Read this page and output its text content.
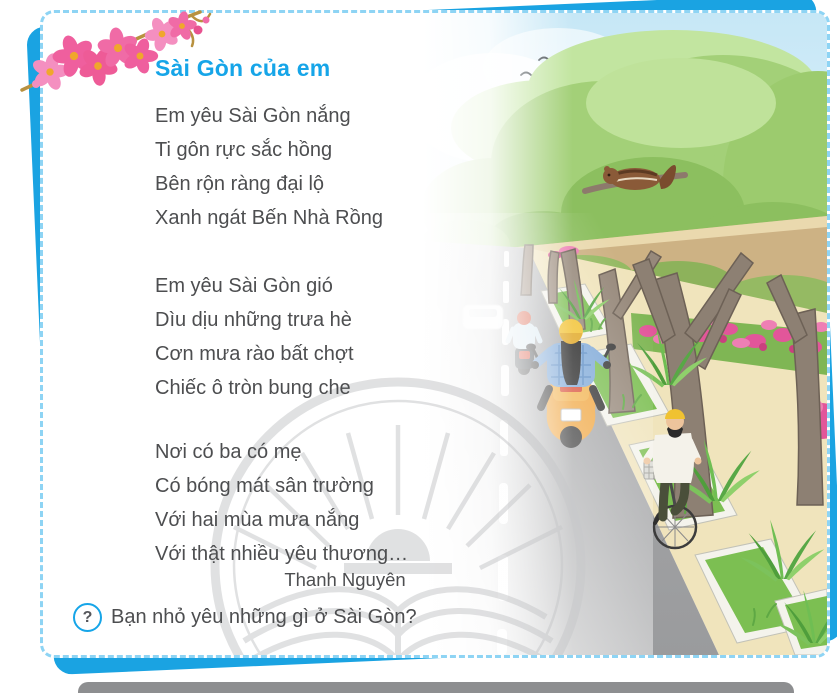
Sài Gòn của em

Em yêu Sài Gòn nắng

Ti gôn rực sắc hồng

Bên rộn ràng đại lộ

Xanh ngát Bến Nhà Rồng

Em yêu Sài Gòn gió

Dìu dịu những trưa hè

Cơn mưa rào bất chợt

Chiếc ô tròn bung che

Nơi có ba có mẹ

Có bóng mát sân trường

Với hai mùa mưa nắng

Với thật nhiều yêu thương…

Thanh Nguyên
? Bạn nhỏ yêu những gì ở Sài Gòn?
